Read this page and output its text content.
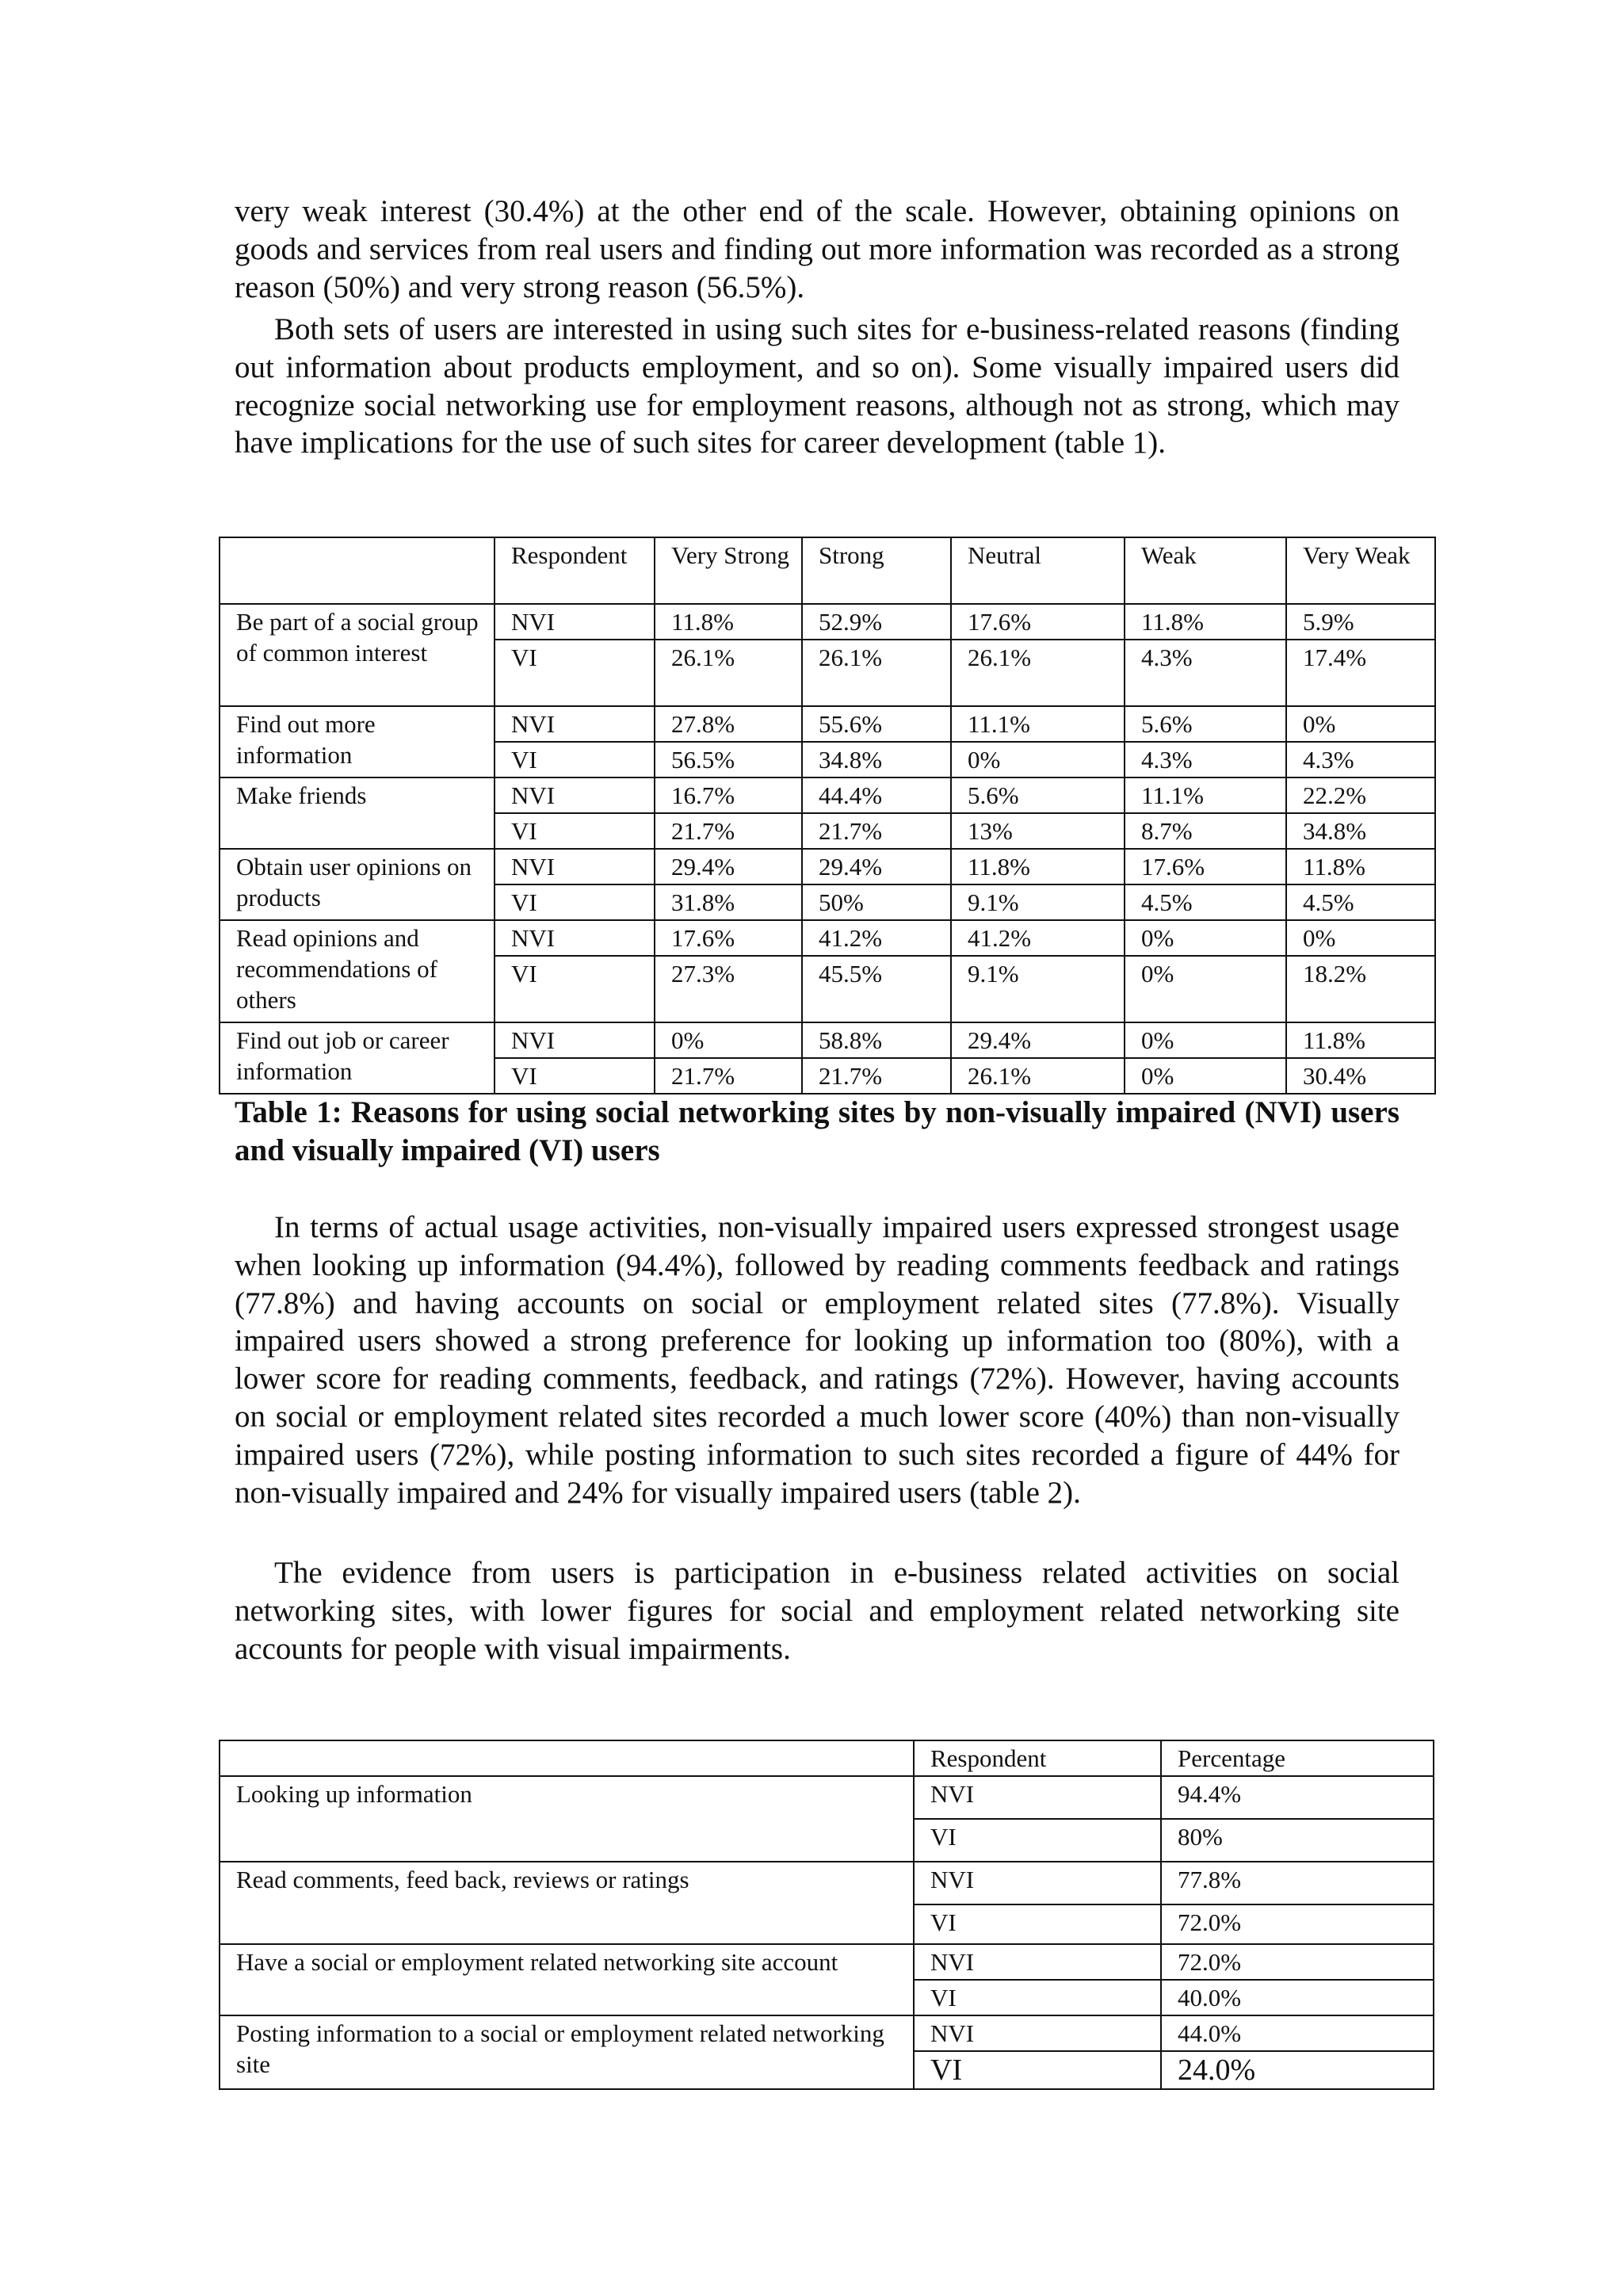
very weak interest (30.4%) at the other end of the scale. However, obtaining opinions on goods and services from real users and finding out more information was recorded as a strong reason (50%) and very strong reason (56.5%).

Both sets of users are interested in using such sites for e-business-related reasons (finding out information about products employment, and so on). Some visually impaired users did recognize social networking use for employment reasons, although not as strong, which may have implications for the use of such sites for career development (table 1).

	Respondent	Very Strong	Strong	Neutral	Weak	Very Weak
Be part of a social group of common interest	NVI	11.8%	52.9%	17.6%	11.8%	5.9%
	VI	26.1%	26.1%	26.1%	4.3%	17.4%
Find out more information	NVI	27.8%	55.6%	11.1%	5.6%	0%
	VI	56.5%	34.8%	0%	4.3%	4.3%
Make friends	NVI	16.7%	44.4%	5.6%	11.1%	22.2%
	VI	21.7%	21.7%	13%	8.7%	34.8%
Obtain user opinions on products	NVI	29.4%	29.4%	11.8%	17.6%	11.8%
	VI	31.8%	50%	9.1%	4.5%	4.5%
Read opinions and recommendations of others	NVI	17.6%	41.2%	41.2%	0%	0%
	VI	27.3%	45.5%	9.1%	0%	18.2%
Find out job or career information	NVI	0%	58.8%	29.4%	0%	11.8%
	VI	21.7%	21.7%	26.1%	0%	30.4%

Table 1: Reasons for using social networking sites by non-visually impaired (NVI) users and visually impaired (VI) users

In terms of actual usage activities, non-visually impaired users expressed strongest usage when looking up information (94.4%), followed by reading comments feedback and ratings (77.8%) and having accounts on social or employment related sites (77.8%). Visually impaired users showed a strong preference for looking up information too (80%), with a lower score for reading comments, feedback, and ratings (72%). However, having accounts on social or employment related sites recorded a much lower score (40%) than non-visually impaired users (72%), while posting information to such sites recorded a figure of 44% for non-visually impaired and 24% for visually impaired users (table 2).

The evidence from users is participation in e-business related activities on social networking sites, with lower figures for social and employment related networking site accounts for people with visual impairments.

	Respondent	Percentage
Looking up information	NVI	94.4%
	VI	80%
Read comments, feed back, reviews or ratings	NVI	77.8%
	VI	72.0%
Have a social or employment related networking site account	NVI	72.0%
	VI	40.0%
Posting information to a social or employment related networking site	NVI	44.0%
	VI	24.0%
